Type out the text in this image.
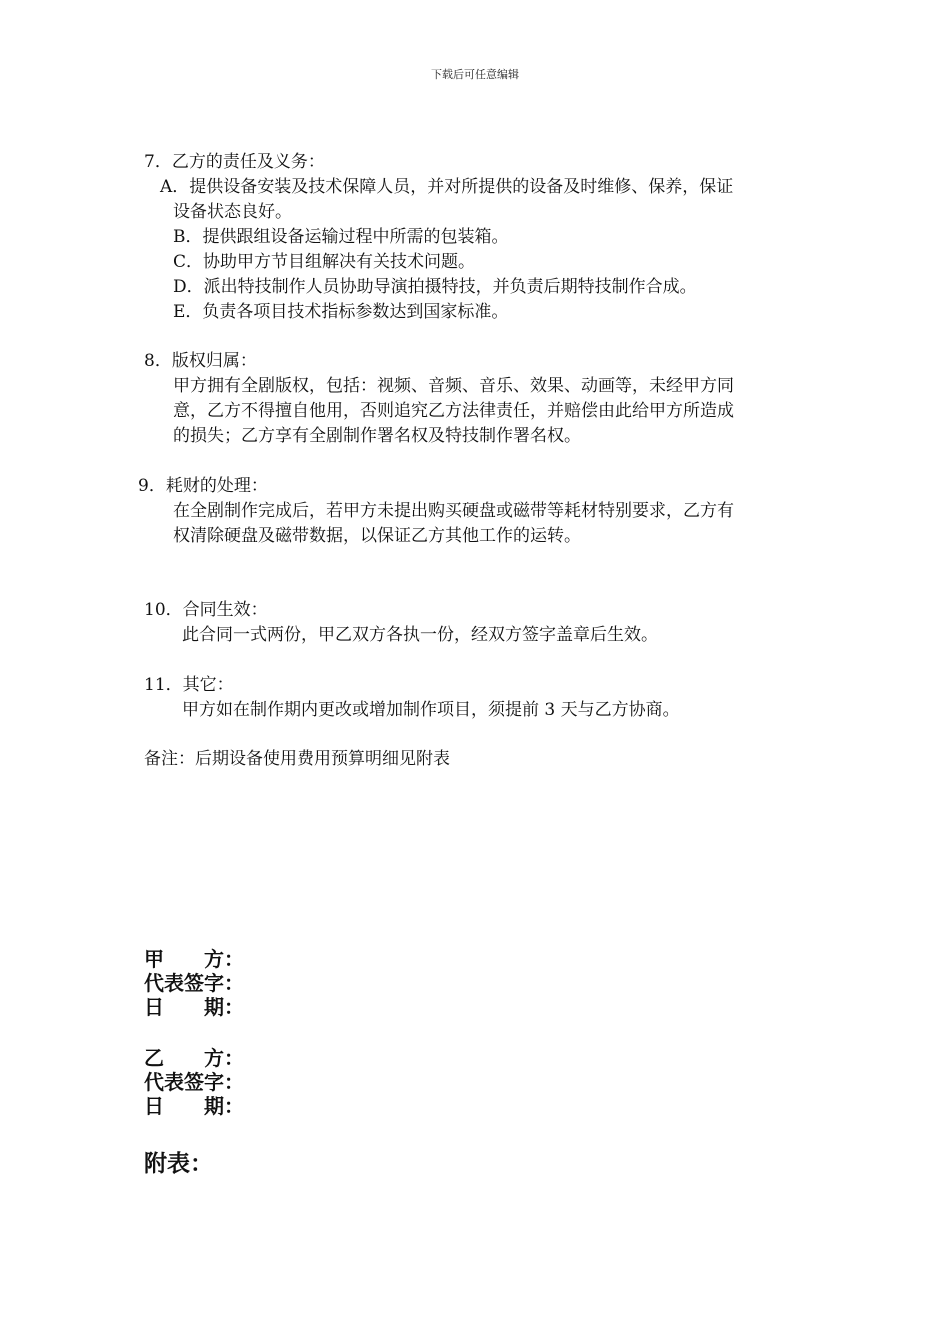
下载后可任意编辑
7．乙方的责任及义务：
A．提供设备安装及技术保障人员，并对所提供的设备及时维修、保养，保证
设备状态良好。
B．提供跟组设备运输过程中所需的包装箱。
C．协助甲方节目组解决有关技术问题。
D．派出特技制作人员协助导演拍摄特技，并负责后期特技制作合成。
E．负责各项目技术指标参数达到国家标准。
8．版权归属：
甲方拥有全剧版权，包括：视频、音频、音乐、效果、动画等，未经甲方同
意，乙方不得擅自他用，否则追究乙方法律责任，并赔偿由此给甲方所造成
的损失；乙方享有全剧制作署名权及特技制作署名权。
9．耗财的处理：
在全剧制作完成后，若甲方未提出购买硬盘或磁带等耗材特别要求，乙方有
权清除硬盘及磁带数据，以保证乙方其他工作的运转。
10．合同生效：
此合同一式两份，甲乙双方各执一份，经双方签字盖章后生效。
11．其它：
甲方如在制作期内更改或增加制作项目，须提前 3 天与乙方协商。
备注：后期设备使用费用预算明细见附表
甲　　方：
代表签字：
日　　期：
乙　　方：
代表签字：
日　　期：
附表：
